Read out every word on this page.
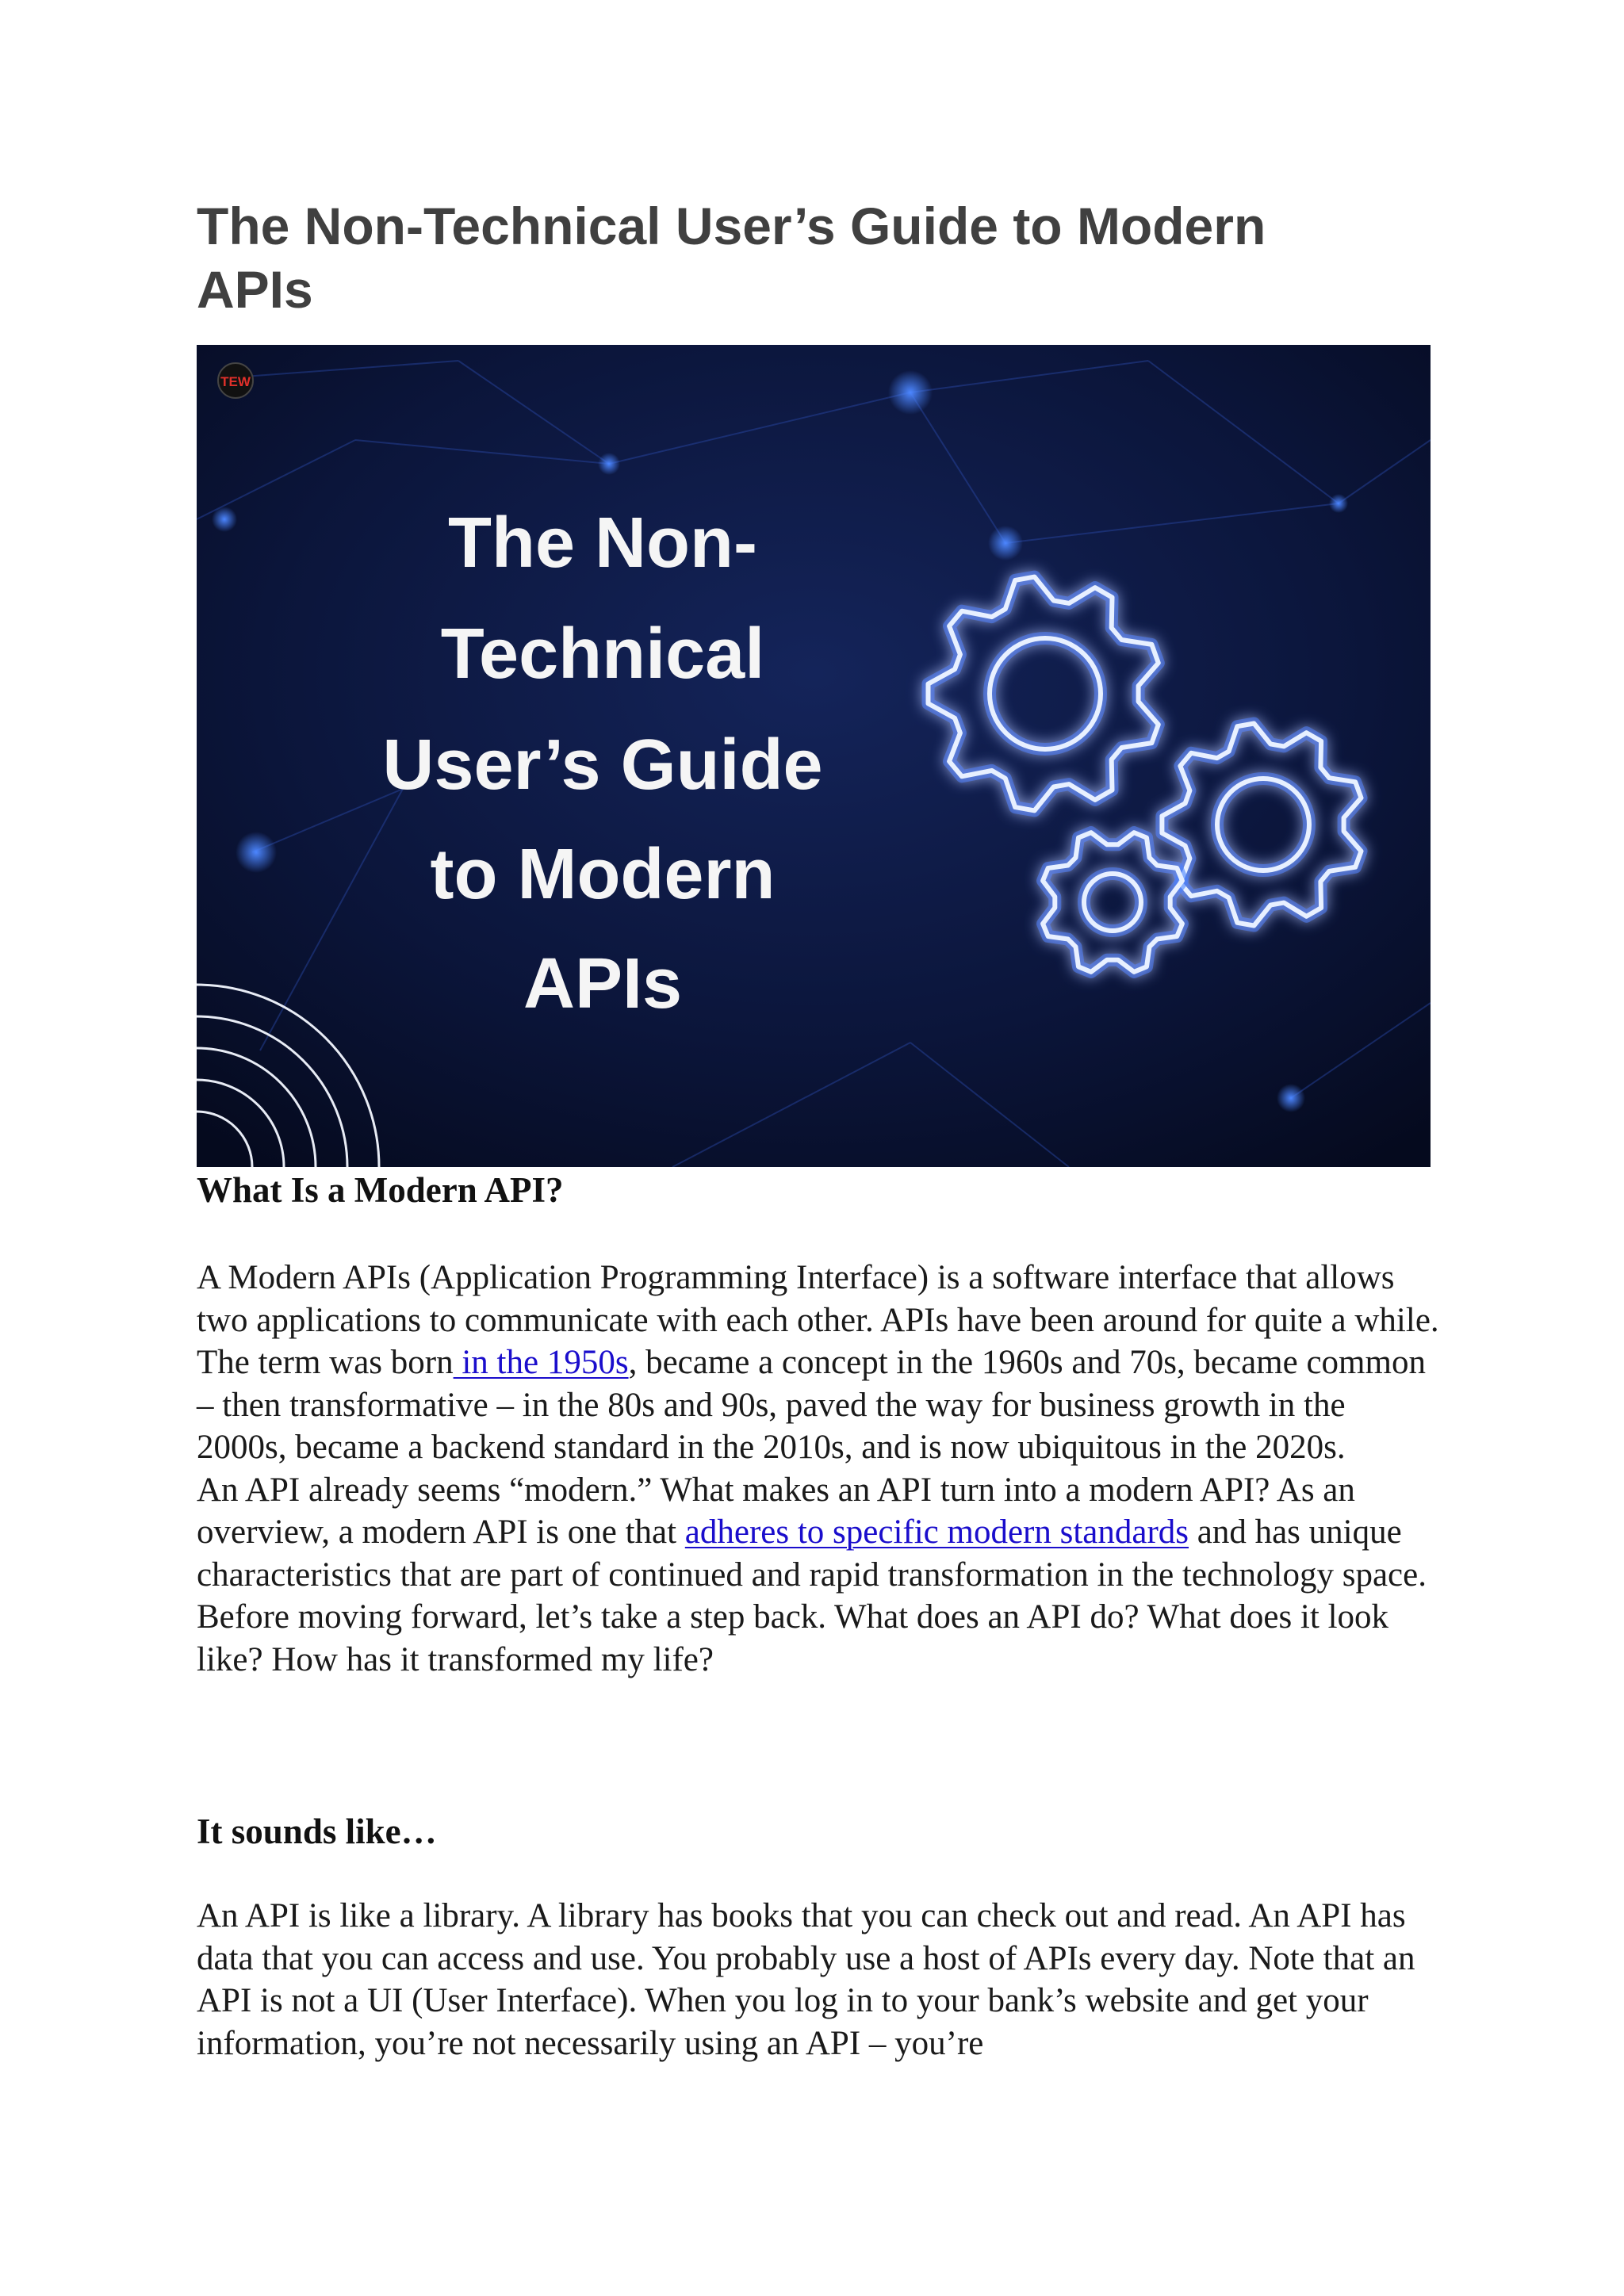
The Non-Technical User’s Guide to Modern
APIs
TEW
The Non-
Technical
User’s Guide
to Modern
APIs
What Is a Modern API?

A Modern APIs (Application Programming Interface) is a software interface that allows two applications to communicate with each other. APIs have been around for quite a while. The term was born in the 1950s, became a concept in the 1960s and 70s, became common – then transformative – in the 80s and 90s, paved the way for business growth in the 2000s, became a backend standard in the 2010s, and is now ubiquitous in the 2020s.

An API already seems “modern.” What makes an API turn into a modern API? As an overview, a modern API is one that adheres to specific modern standards and has unique characteristics that are part of continued and rapid transformation in the technology space.

Before moving forward, let’s take a step back. What does an API do? What does it look like? How has it transformed my life?

It sounds like…

An API is like a library. A library has books that you can check out and read. An API has data that you can access and use. You probably use a host of APIs every day. Note that an API is not a UI (User Interface). When you log in to your bank’s website and get your information, you’re not necessarily using an API – you’re
